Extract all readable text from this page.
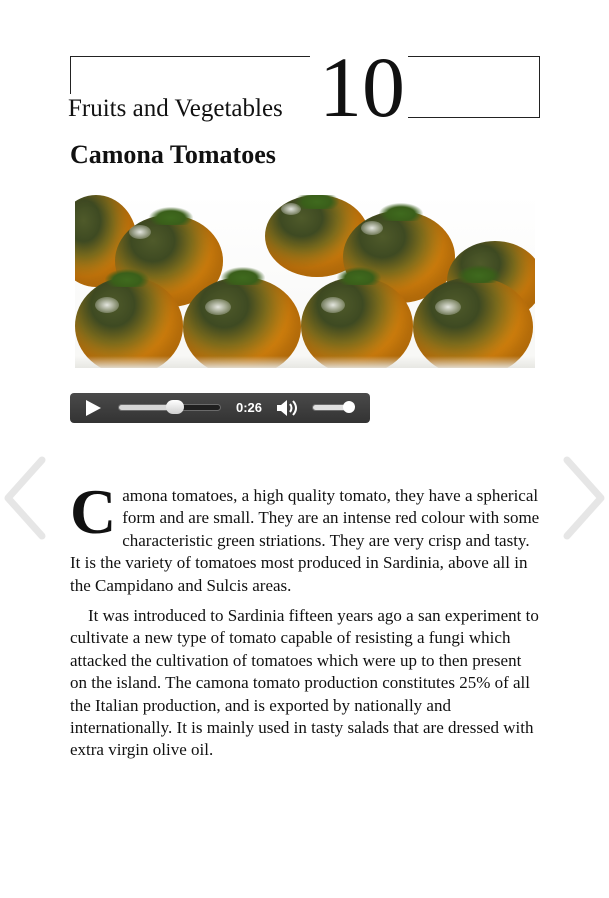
Fruits and Vegetables 10
Camona Tomatoes
0:26

Camona tomatoes, a high quality tomato, they have a spherical form and are small. They are an intense red colour with some characteristic green striations. They are very crisp and tasty. It is the variety of tomatoes most produced in Sardinia, above all in the Campidano and Sulcis areas.

It was introduced to Sardinia fifteen years ago a san experiment to cultivate a new type of tomato capable of resisting a fungi which attacked the cultivation of tomatoes which were up to then present on the island. The camona tomato production constitutes 25% of all the Italian production, and is exported by nationally and internationally. It is mainly used in tasty salads that are dressed with extra virgin olive oil.
